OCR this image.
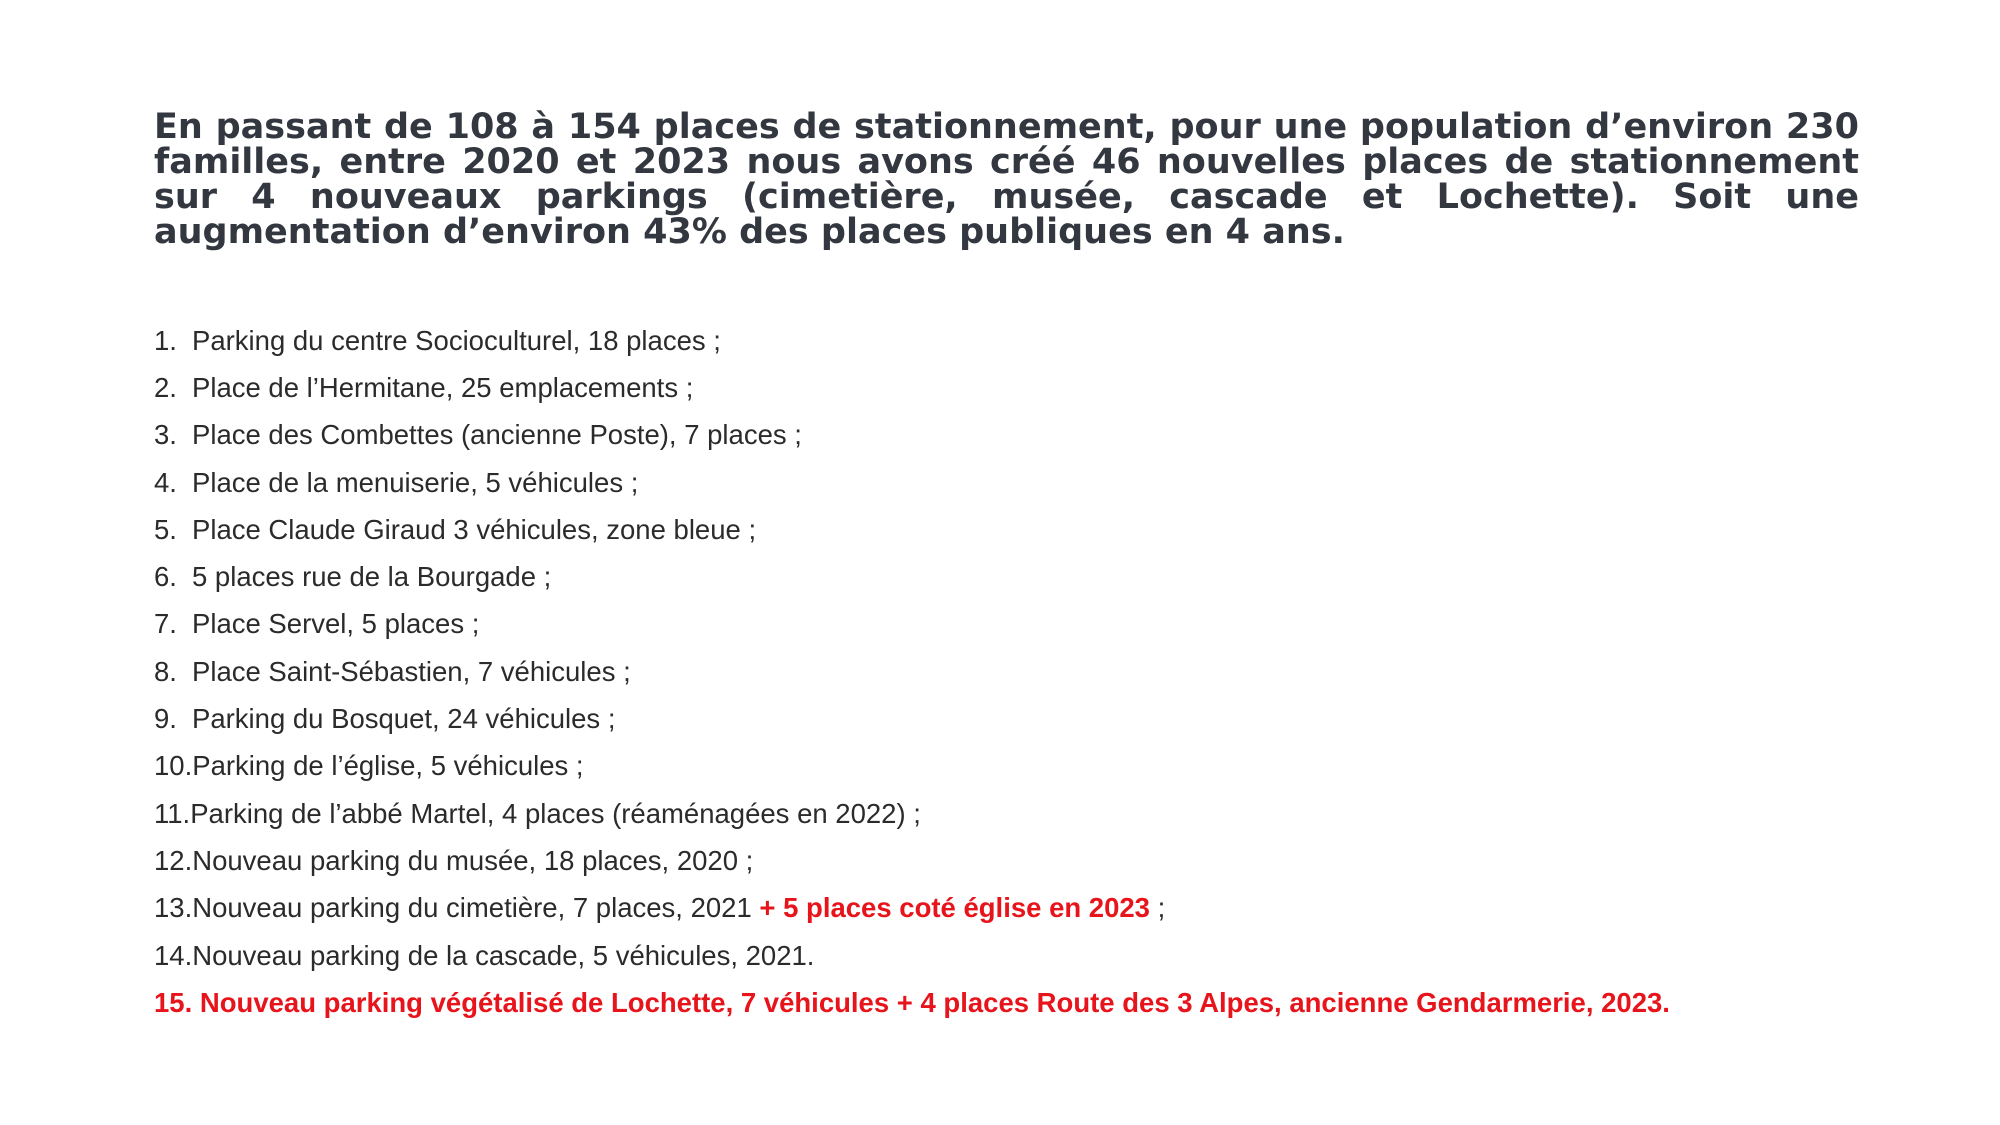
En passant de 108 à 154 places de stationnement, pour une population d’environ 230 familles, entre 2020 et 2023 nous avons créé 46 nouvelles places de stationnement sur 4 nouveaux parkings (cimetière, musée, cascade et Lochette). Soit une augmentation d’environ 43% des places publiques en 4 ans.

1. Parking du centre Socioculturel, 18 places ;
2. Place de l’Hermitane, 25 emplacements ;
3. Place des Combettes (ancienne Poste), 7 places ;
4. Place de la menuiserie, 5 véhicules ;
5. Place Claude Giraud 3 véhicules, zone bleue ;
6. 5 places rue de la Bourgade ;
7. Place Servel, 5 places ;
8. Place Saint-Sébastien, 7 véhicules ;
9. Parking du Bosquet, 24 véhicules ;
10. Parking de l’église, 5 véhicules ;
11. Parking de l’abbé Martel, 4 places (réaménagées en 2022) ;
12. Nouveau parking du musée, 18 places, 2020 ;
13. Nouveau parking du cimetière, 7 places, 2021 + 5 places coté église en 2023 ;
14. Nouveau parking de la cascade, 5 véhicules, 2021.
15. Nouveau parking végétalisé de Lochette, 7 véhicules + 4 places Route des 3 Alpes, ancienne Gendarmerie, 2023.
